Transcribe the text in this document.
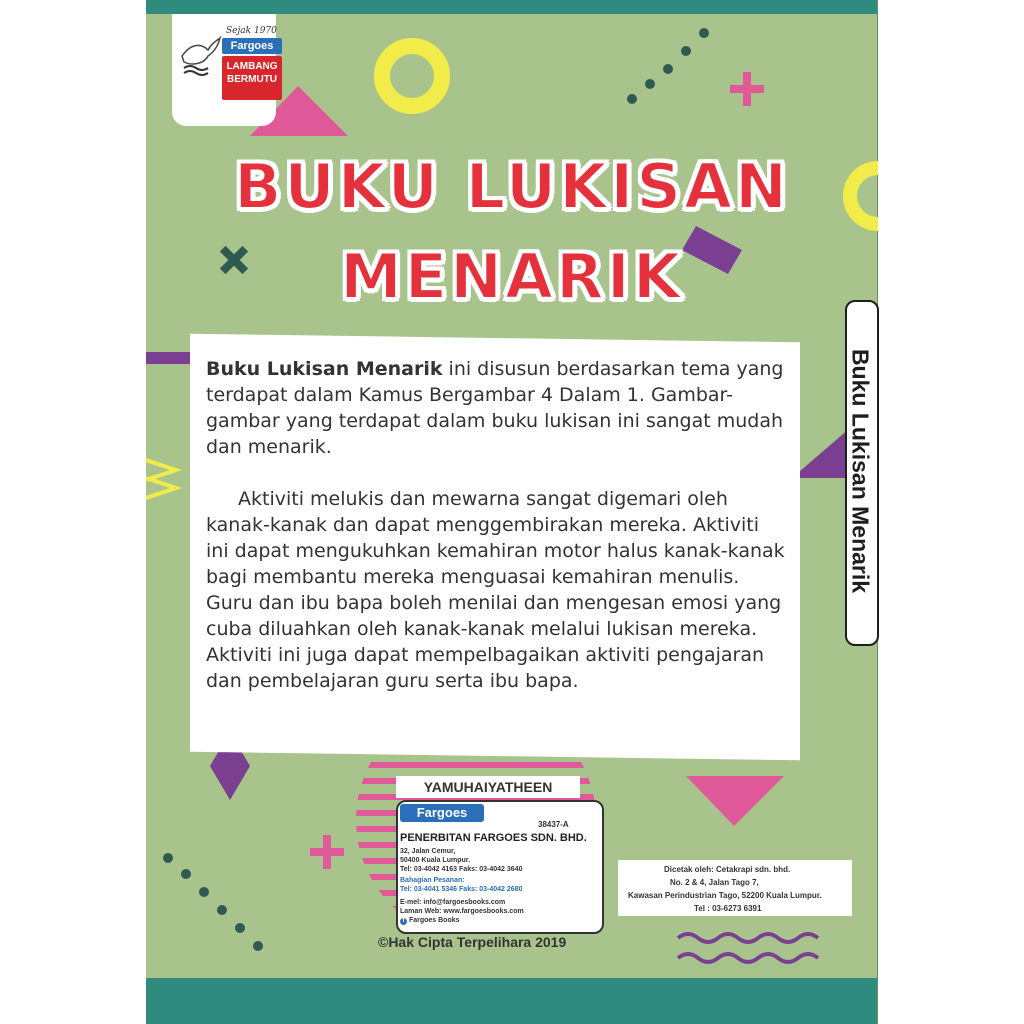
Sejak 1970
Fargoes
LAMBANG
BERMUTU
BUKU LUKISAN
MENARIK

Buku Lukisan Menarik ini disusun berdasarkan tema yang terdapat dalam Kamus Bergambar 4 Dalam 1. Gambar-gambar yang terdapat dalam buku lukisan ini sangat mudah dan menarik.

Aktiviti melukis dan mewarna sangat digemari oleh kanak-kanak dan dapat menggembirakan mereka. Aktiviti ini dapat mengukuhkan kemahiran motor halus kanak-kanak bagi membantu mereka menguasai kemahiran menulis. Guru dan ibu bapa boleh menilai dan mengesan emosi yang cuba diluahkan oleh kanak-kanak melalui lukisan mereka. Aktiviti ini juga dapat mempelbagaikan aktiviti pengajaran dan pembelajaran guru serta ibu bapa.

Buku Lukisan Menarik
YAMUHAIYATHEEN
Fargoes
38437-A
PENERBITAN FARGOES SDN. BHD.
32, Jalan Cemur,
50400 Kuala Lumpur.
Tel: 03-4042 4163 Faks: 03-4042 3640
Bahagian Pesanan:
Tel: 03-4041 5346 Faks: 03-4042 2680
E-mel: info@fargoesbooks.com
Laman Web: www.fargoesbooks.com
f Fargoes Books
©Hak Cipta Terpelihara 2019
Dicetak oleh: Cetakrapi sdn. bhd.
No. 2 & 4, Jalan Tago 7,
Kawasan Perindustrian Tago, 52200 Kuala Lumpur.
Tel : 03-6273 6391
